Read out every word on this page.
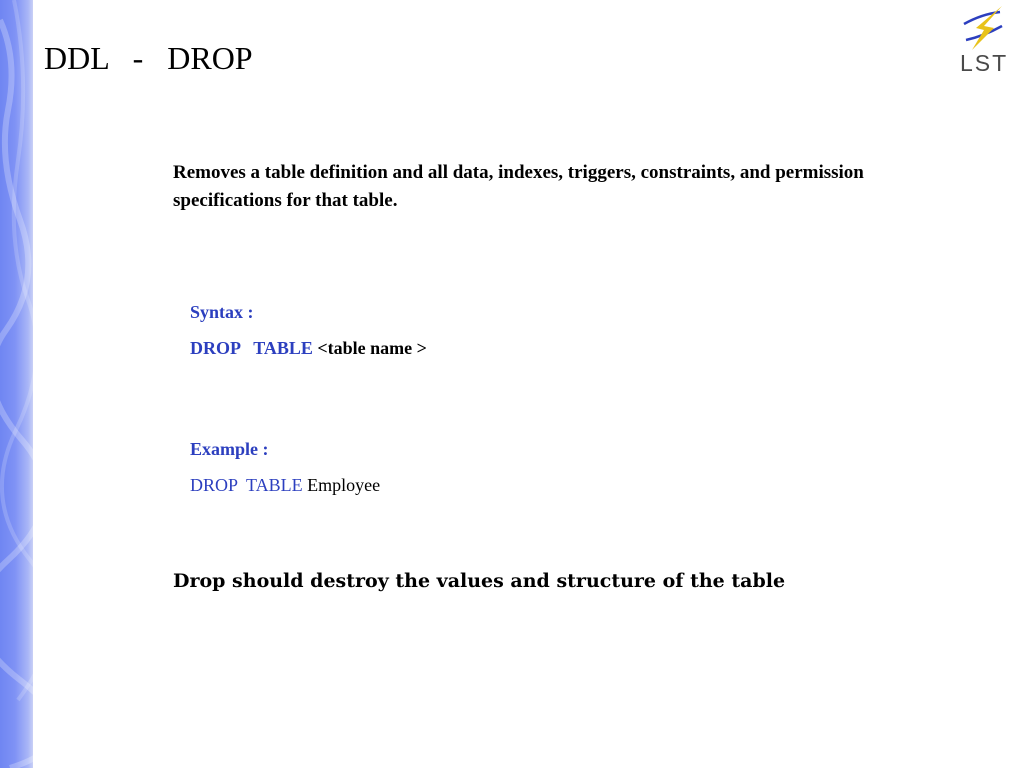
DDL   -   DROP	LST
Removes a table definition and all data, indexes, triggers, constraints, and permission specifications for that table.
Syntax :
DROP TABLE <table name >
Example :
DROP TABLE Employee
Drop should destroy the values and structure of the table
